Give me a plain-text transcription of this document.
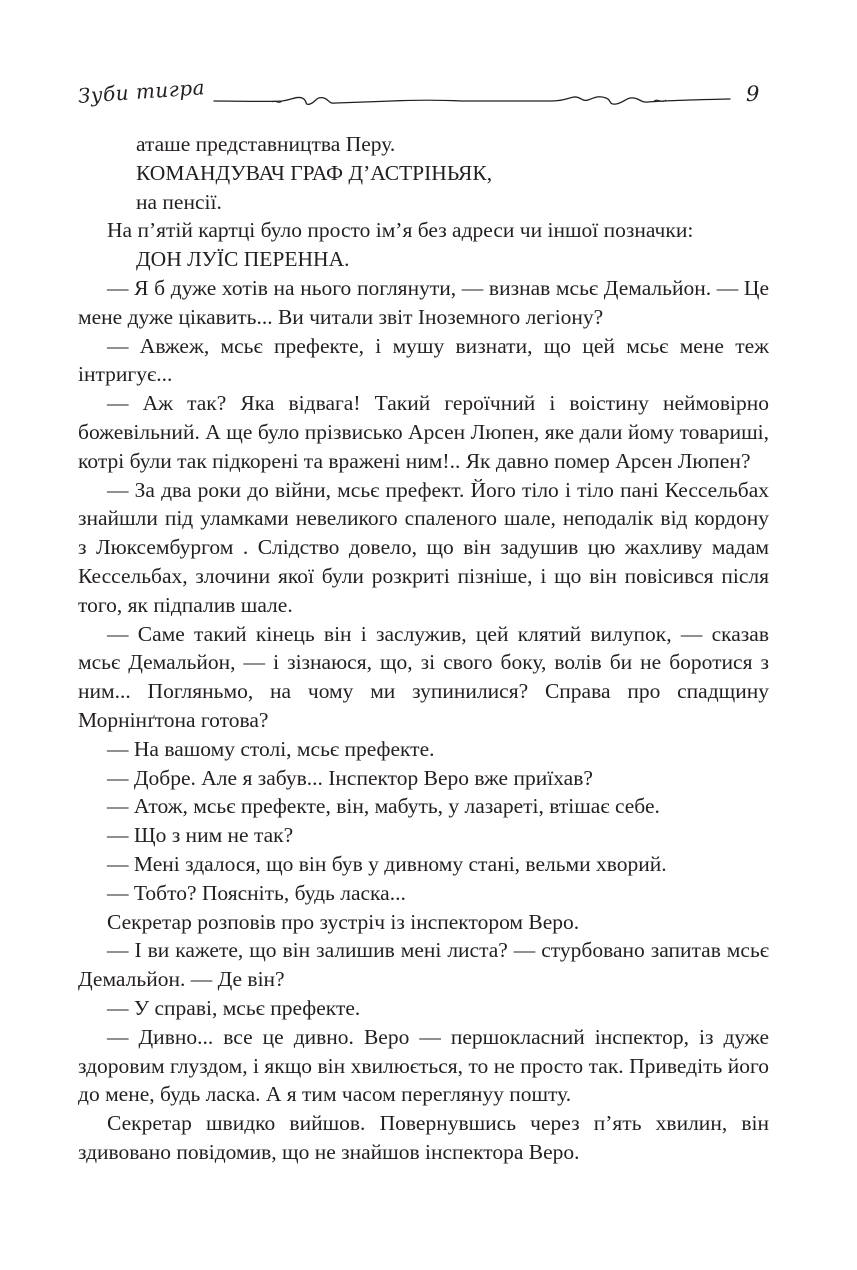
Зуби тигра	9

аташе представництва Перу.

КОМАНДУВАЧ ГРАФ Д’АСТРІНЬЯК,

на пенсії.

На п’ятій картці було просто ім’я без адреси чи іншої позначки:

ДОН ЛУЇС ПЕРЕННА.

— Я б дуже хотів на нього поглянути, — визнав мсьє Демальйон. — Це мене дуже цікавить... Ви читали звіт Іноземного легіону?

— Авжеж, мсьє префекте, і мушу визнати, що цей мсьє мене теж інтригує...

— Аж так? Яка відвага! Такий героїчний і воістину неймовірно божевільний. А ще було прізвисько Арсен Люпен, яке дали йому товариші, котрі були так підкорені та вражені ним!.. Як давно помер Арсен Люпен?

— За два роки до війни, мсьє префект. Його тіло і тіло пані Кессельбах знайшли під уламками невеликого спаленого шале, неподалік від кордону з Люксембургом . Слідство довело, що він задушив цю жахливу мадам Кессельбах, злочини якої були розкриті пізніше, і що він повісився після того, як підпалив шале.

— Саме такий кінець він і заслужив, цей клятий вилупок, — сказав мсьє Демальйон, — і зізнаюся, що, зі свого боку, волів би не боротися з ним... Погляньмо, на чому ми зупинилися? Справа про спадщину Морнінґтона готова?

— На вашому столі, мсьє префекте.

— Добре. Але я забув... Інспектор Веро вже приїхав?

— Атож, мсьє префекте, він, мабуть, у лазареті, втішає себе.

— Що з ним не так?

— Мені здалося, що він був у дивному стані, вельми хворий.

— Тобто? Поясніть, будь ласка...

Секретар розповів про зустріч із інспектором Веро.

— І ви кажете, що він залишив мені листа? — стурбовано запитав мсьє Демальйон. — Де він?

— У справі, мсьє префекте.

— Дивно... все це дивно. Веро — першокласний інспектор, із дуже здоровим глуздом, і якщо він хвилюється, то не просто так. Приведіть його до мене, будь ласка. А я тим часом переглянуу пошту.

Секретар швидко вийшов. Повернувшись через п’ять хвилин, він здивовано повідомив, що не знайшов інспектора Веро.
